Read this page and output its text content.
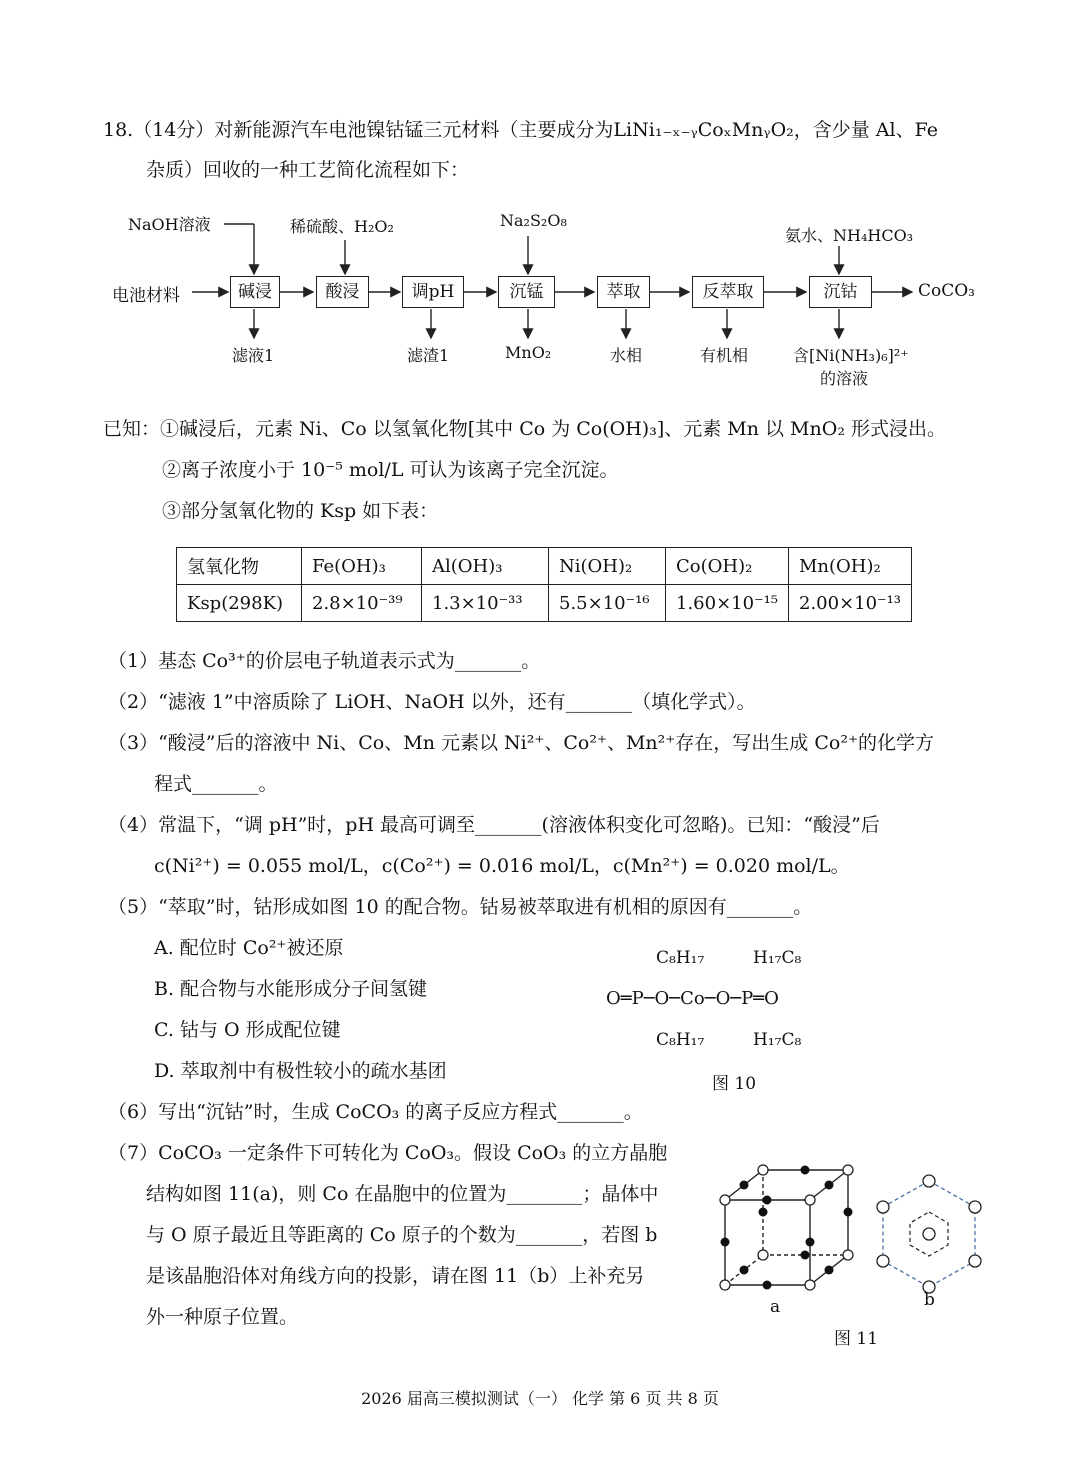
18.（14分）对新能源汽车电池镍钴锰三元材料（主要成分为LiNi₁₋ₓ₋ᵧCoₓMnᵧO₂，含少量 Al、Fe
杂质）回收的一种工艺简化流程如下：
电池材料	碱浸	酸浸	调pH	沉锰	萃取	反萃取	沉钴	CoCO₃
NaOH溶液	稀硫酸、H₂O₂	Na₂S₂O₈
氨水、NH₄HCO₃
滤液1	滤渣1	MnO₂	水相	有机相	含[Ni(NH₃)₆]²⁺
的溶液
已知：①碱浸后，元素 Ni、Co 以氢氧化物[其中 Co 为 Co(OH)₃]、元素 Mn 以 MnO₂ 形式浸出。
②离子浓度小于 10⁻⁵ mol/L 可认为该离子完全沉淀。
③部分氢氧化物的 Ksp 如下表：
氢氧化物	Fe(OH)₃	Al(OH)₃	Ni(OH)₂	Co(OH)₂	Mn(OH)₂
Ksp(298K)	2.8×10⁻³⁹	1.3×10⁻³³	5.5×10⁻¹⁶	1.60×10⁻¹⁵	2.00×10⁻¹³
（1）基态 Co³⁺的价层电子轨道表示式为_______。
（2）“滤液 1”中溶质除了 LiOH、NaOH 以外，还有_______（填化学式）。
（3）“酸浸”后的溶液中 Ni、Co、Mn 元素以 Ni²⁺、Co²⁺、Mn²⁺存在，写出生成 Co²⁺的化学方
程式_______。
（4）常温下，“调 pH”时，pH 最高可调至_______(溶液体积变化可忽略)。已知：“酸浸”后
c(Ni²⁺) = 0.055 mol/L，c(Co²⁺) = 0.016 mol/L，c(Mn²⁺) = 0.020 mol/L。
（5）“萃取”时，钴形成如图 10 的配合物。钴易被萃取进有机相的原因有_______。
A. 配位时 Co²⁺被还原
B. 配合物与水能形成分子间氢键
C. 钴与 O 形成配位键
D. 萃取剂中有极性较小的疏水基团
C₈H₁₇	H₁₇C₈
O═P─O─Co─O─P═O
C₈H₁₇	H₁₇C₈
图 10
（6）写出“沉钴”时，生成 CoCO₃ 的离子反应方程式_______。
（7）CoCO₃ 一定条件下可转化为 CoO₃。假设 CoO₃ 的立方晶胞
结构如图 11(a)，则 Co 在晶胞中的位置为________；晶体中
与 O 原子最近且等距离的 Co 原子的个数为_______，若图 b
是该晶胞沿体对角线方向的投影，请在图 11（b）上补充另
外一种原子位置。	a	b
图 11
2026 届高三模拟测试（一） 化学 第 6 页 共 8 页
